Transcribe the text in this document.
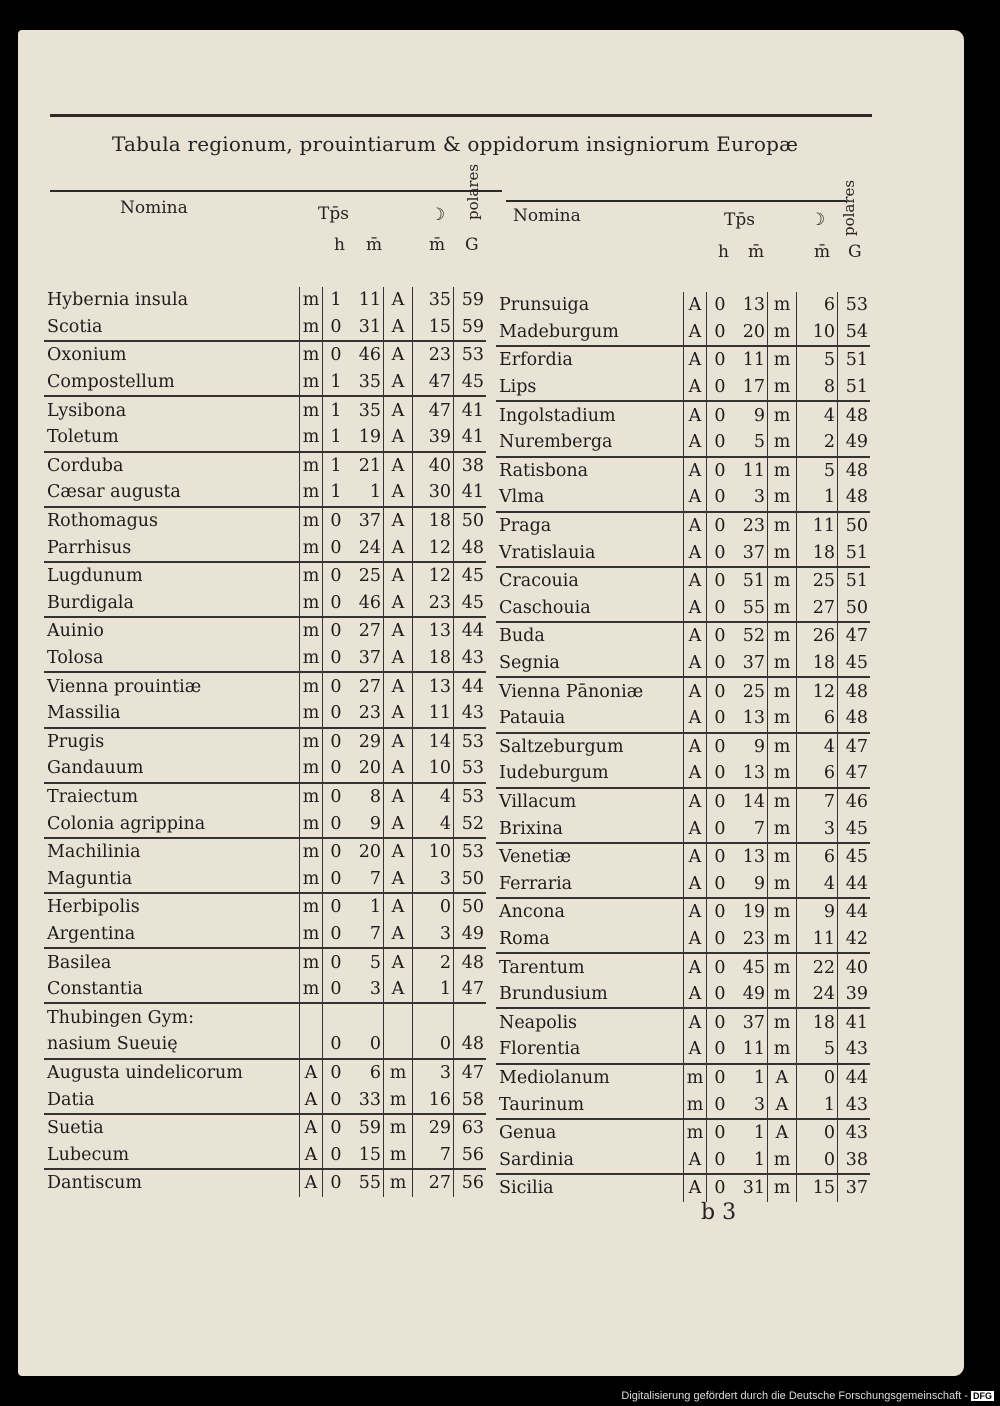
Tabula regionum, prouintiarum & oppidorum insigniorum Europæ
Nomina	Tp̄s	☽ polares
h m̄	m̄ G
Nomina	Tp̄s	☽ polares
h m̄	m̄ G
Hybernia insula	m	1	11	A	35	59
Scotia	m	0	31	A	15	59
Oxonium	m	0	46	A	23	53
Compostellum	m	1	35	A	47	45
Lysibona	m	1	35	A	47	41
Toletum	m	1	19	A	39	41
Corduba	m	1	21	A	40	38
Cæsar augusta	m	1	1	A	30	41
Rothomagus	m	0	37	A	18	50
Parrhisus	m	0	24	A	12	48
Lugdunum	m	0	25	A	12	45
Burdigala	m	0	46	A	23	45
Auinio	m	0	27	A	13	44
Tolosa	m	0	37	A	18	43
Vienna prouintiæ	m	0	27	A	13	44
Massilia	m	0	23	A	11	43
Prugis	m	0	29	A	14	53
Gandauum	m	0	20	A	10	53
Traiectum	m	0	8	A	4	53
Colonia agrippina	m	0	9	A	4	52
Machilinia	m	0	20	A	10	53
Maguntia	m	0	7	A	3	50
Herbipolis	m	0	1	A	0	50
Argentina	m	0	7	A	3	49
Basilea	m	0	5	A	2	48
Constantia	m	0	3	A	1	47
Thubingen Gym:						
nasium Sueuię		0	0		0	48
Augusta uindelicorum	A	0	6	m	3	47
Datia	A	0	33	m	16	58
Suetia	A	0	59	m	29	63
Lubecum	A	0	15	m	7	56
Dantiscum	A	0	55	m	27	56
Prunsuiga	A	0	13	m	6	53
Madeburgum	A	0	20	m	10	54
Erfordia	A	0	11	m	5	51
Lips	A	0	17	m	8	51
Ingolstadium	A	0	9	m	4	48
Nuremberga	A	0	5	m	2	49
Ratisbona	A	0	11	m	5	48
Vlma	A	0	3	m	1	48
Praga	A	0	23	m	11	50
Vratislauia	A	0	37	m	18	51
Cracouia	A	0	51	m	25	51
Caschouia	A	0	55	m	27	50
Buda	A	0	52	m	26	47
Segnia	A	0	37	m	18	45
Vienna Pānoniæ	A	0	25	m	12	48
Patauia	A	0	13	m	6	48
Saltzeburgum	A	0	9	m	4	47
Iudeburgum	A	0	13	m	6	47
Villacum	A	0	14	m	7	46
Brixina	A	0	7	m	3	45
Venetiæ	A	0	13	m	6	45
Ferraria	A	0	9	m	4	44
Ancona	A	0	19	m	9	44
Roma	A	0	23	m	11	42
Tarentum	A	0	45	m	22	40
Brundusium	A	0	49	m	24	39
Neapolis	A	0	37	m	18	41
Florentia	A	0	11	m	5	43
Mediolanum	m	0	1	A	0	44
Taurinum	m	0	3	A	1	43
Genua	m	0	1	A	0	43
Sardinia	A	0	1	m	0	38
Sicilia	A	0	31	m	15	37
b 3
Digitalisierung gefördert durch die Deutsche Forschungsgemeinschaft - DFG
